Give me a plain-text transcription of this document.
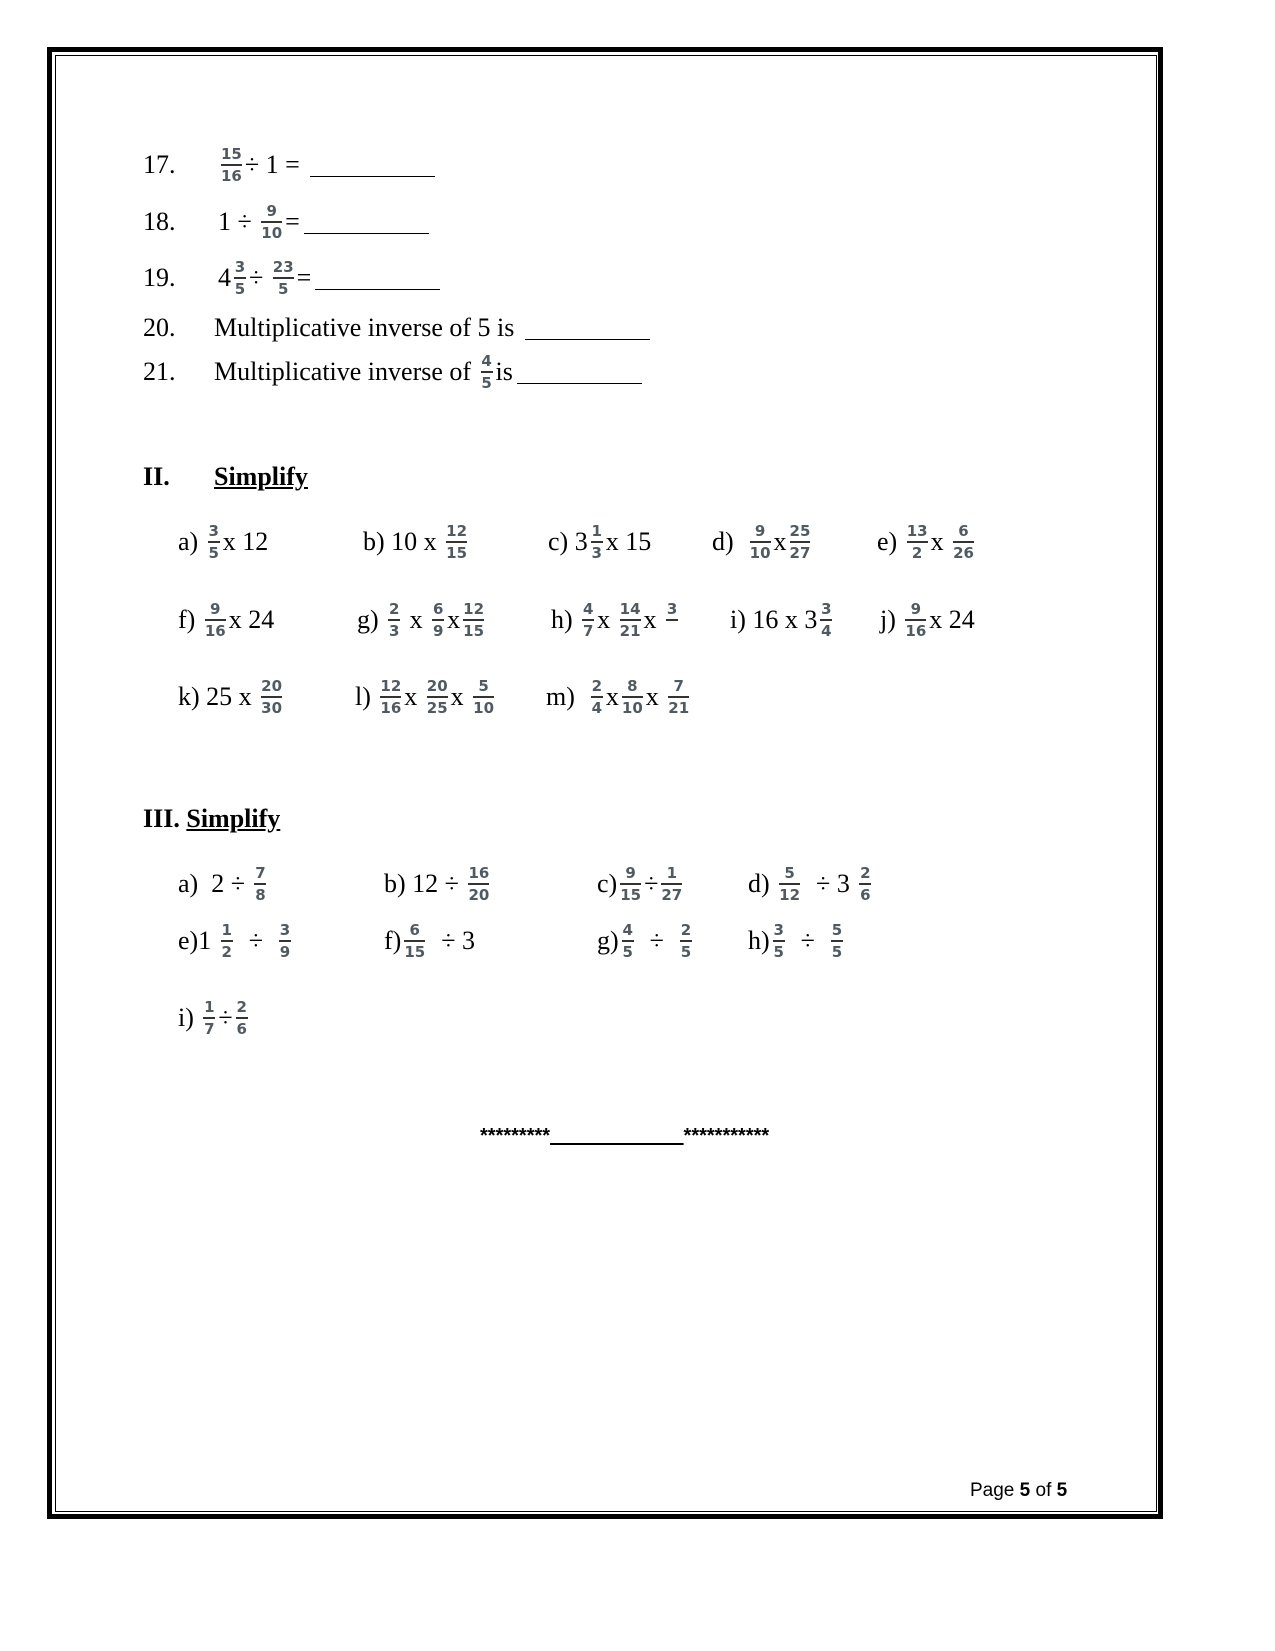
17.	$\frac{15}{16} \div 1$ =
18. $1 \div \frac{9}{10}$ =
19. $4 \frac{3}{5} \div \frac{23}{5}$ =
20. Multiplicative inverse of 5 is
21. Multiplicative inverse of $\frac{4}{5}$ is
a)
$\frac{3}{5}$ x 12	b)
10 x $\frac{12}{15}$	c)
$3 \frac{1}{3}$ x 15 d)

$\frac{9}{10}$ x $\frac{25}{27}$	e)
$\frac{13}{2}$ x $\frac{6}{26}$
f)
$\frac{9}{16}$ x 24	g)
$\frac{2}{3}$ x $\frac{6}{9}$ x $\frac{12}{15}$	h)
$\frac{4}{7}$ x $\frac{14}{21}$ x 3 i)
16 x $3 \frac{3}{4} j$)
$\frac{9}{16}$ x 24
k)
25 x $\frac{20}{30}$	l)
$\frac{12}{16}$ x $\frac{20}{25}$ x $\frac{5}{10} m$)

$\frac{2}{4}$ x $\frac{8}{10}$ x $\frac{7}{21}$
a) $2 \div \frac{7}{8}$	b) $12 \div \frac{16}{20}$	$c) \frac{9}{15} \div \frac{1}{27}$	d)
$\frac{5}{12} \div 3 \frac{2}{6}$
e) $1 \frac{1}{2} \div \frac{3}{9}$	$f) \frac{6}{15} \div 3$	$g) \frac{4}{5} \div \frac{2}{5} h) \frac{3}{5} \div \frac{5}{5}$
i)
$\frac{1}{7} \div \frac{2}{6}$
II. Simplify
III. Simplify
*********____________***********
Page 5 of 5
